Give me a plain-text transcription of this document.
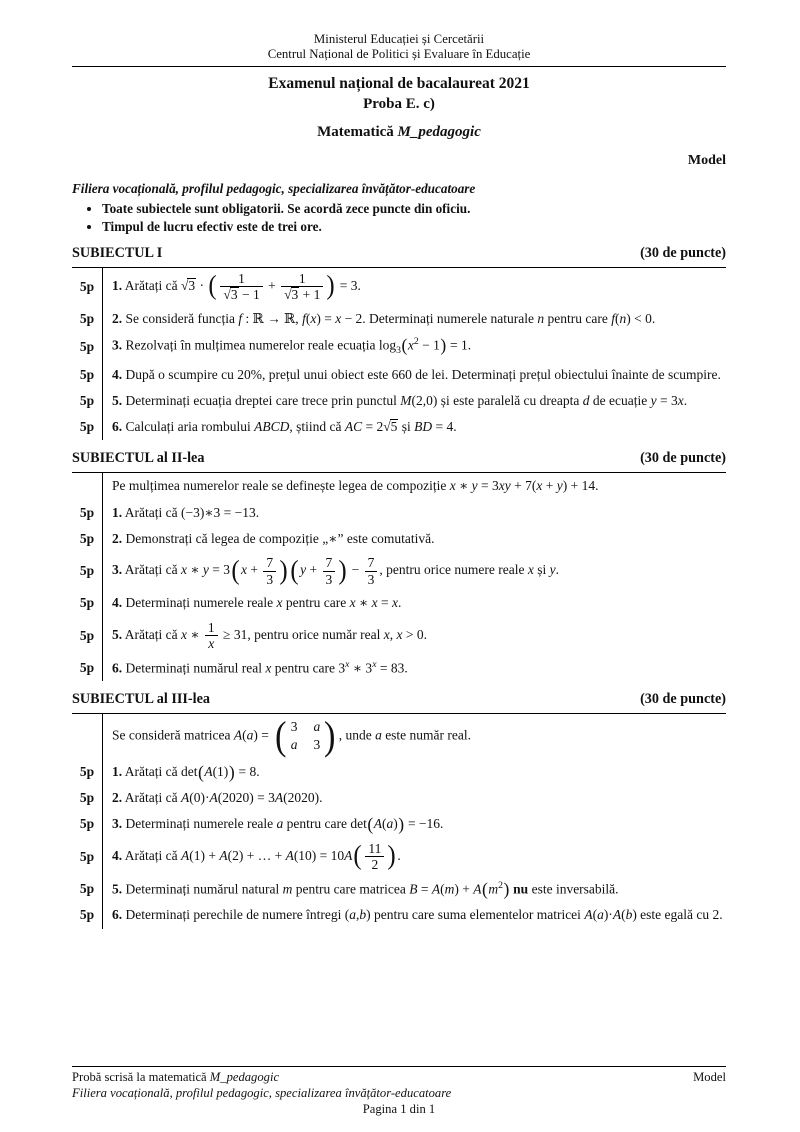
Ministerul Educației și Cercetării
Centrul Național de Politici și Evaluare în Educație
Examenul național de bacalaureat 2021
Proba E. c)
Matematică M_pedagogic
Model
Filiera vocațională, profilul pedagogic, specializarea învățător-educatoare
• Toate subiectele sunt obligatorii. Se acordă zece puncte din oficiu.
• Timpul de lucru efectiv este de trei ore.
SUBIECTUL I	(30 de puncte)
5p	1. Arătați că √3 · ( $\frac{1}{√3 - 1} + \frac{1}{√3 + 1}$ ) = 3.
5p	2. Se consideră funcția f : ℝ → ℝ, f(x) = x − 2. Determinați numerele naturale n pentru care f(n) < 0.
5p	3. Rezolvați în mulțimea numerelor reale ecuația $\log_3(x^2 - 1) = 1$.
5p	4. După o scumpire cu 20%, prețul unui obiect este 660 de lei. Determinați prețul obiectului înainte de scumpire.
5p	5. Determinați ecuația dreptei care trece prin punctul M(2,0) și este paralelă cu dreapta d de ecuație y = 3x.
5p	6. Calculați aria rombului ABCD, știind că AC = 2√5 și BD = 4.
SUBIECTUL al II-lea	(30 de puncte)
Pe mulțimea numerelor reale se definește legea de compoziție x ∗ y = 3xy + 7(x + y) + 14.
5p	1. Arătați că (−3)∗3 = −13.
5p	2. Demonstrați că legea de compoziție „∗” este comutativă.
5p	3. Arătați că x ∗ $y = 3(x + \frac{7}{3}$ ) ($y + \frac{7}{3}$ ) − $\frac{7}{3}$ , pentru orice numere reale x și y.
5p	4. Determinați numerele reale x pentru care x ∗ x = x.
5p	5. Arătați că x ∗ $\frac{1}{x} \ge 31$, pentru orice număr real x, x > 0.
5p	6. Determinați numărul real x pentru care 3$^x$ ∗ $3^x = 83$.
SUBIECTUL al III-lea	(30 de puncte)
Se consideră matricea A(a) = ( 3 a
a 3 ) , unde a este număr real.
5p	1. Arătați că det(A(1)) = 8.
5p	2. Arătați că A(0)·A(2020) = 3A(2020).
5p	3. Determinați numerele reale a pentru care det(A(a)) = −16.
5p	4. Arătați că A(1) + A(2) + … + $A(10) = 10A( \frac{11}{2}$ ).
5p	5. Determinați numărul natural m pentru care matricea $B = A(m) + A(m^2)$ nu este inversabilă.
5p	6. Determinați perechile de numere întregi (a,b) pentru care suma elementelor matricei A(a)·A(b) este egală cu 2.
Probă scrisă la matematică M_pedagogic	Model
Filiera vocațională, profilul pedagogic, specializarea învățător-educatoare
Pagina 1 din 1
